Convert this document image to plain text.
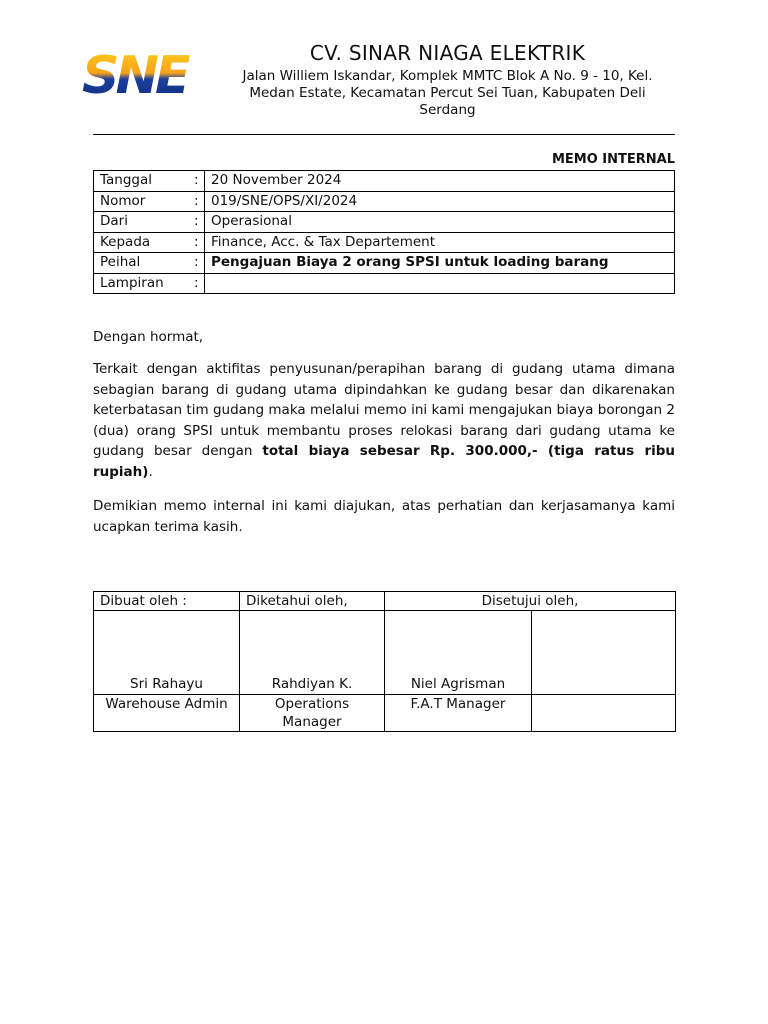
SNE	CV. SINAR NIAGA ELEKTRIK
Jalan Williem Iskandar, Komplek MMTC Blok A No. 9 - 10, Kel. Medan Estate, Kecamatan Percut Sei Tuan, Kabupaten Deli Serdang
MEMO INTERNAL
Tanggal	:	20 November 2024
Nomor	:	019/SNE/OPS/XI/2024
Dari	:	Operasional
Kepada	:	Finance, Acc. & Tax Departement
Peihal	:	Pengajuan Biaya 2 orang SPSI untuk loading barang
Lampiran	:	
Dengan hormat,
Terkait dengan aktifitas penyusunan/perapihan barang di gudang utama dimana sebagian barang di gudang utama dipindahkan ke gudang besar dan dikarenakan keterbatasan tim gudang maka melalui memo ini kami mengajukan biaya borongan 2 (dua) orang SPSI untuk membantu proses relokasi barang dari gudang utama ke gudang besar dengan total biaya sebesar Rp. 300.000,- (tiga ratus ribu rupiah).
Demikian memo internal ini kami diajukan, atas perhatian dan kerjasamanya kami ucapkan terima kasih.
Dibuat oleh :	Diketahui oleh,	Disetujui oleh,	
Sri Rahayu	Rahdiyan K.	Niel Agrisman	
Warehouse Admin	Operations Manager	F.A.T Manager	
